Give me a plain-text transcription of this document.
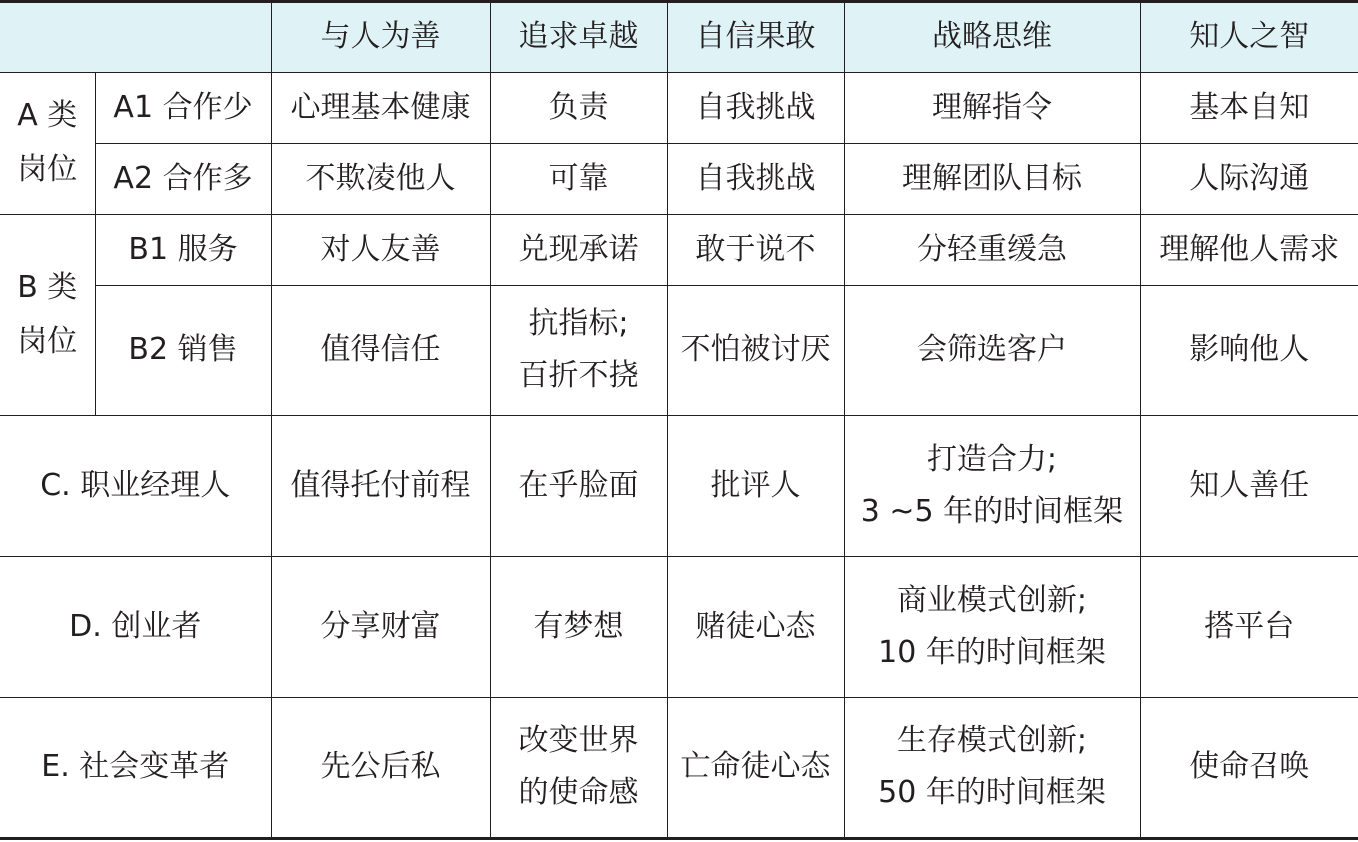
		与人为善	追求卓越	自信果敢	战略思维	知人之智

A 类
岗位	A1 合作少	心理基本健康	负责	自我挑战	理解指令	基本自知
	A2 合作多	不欺凌他人	可靠	自我挑战	理解团队目标	人际沟通

B 类
岗位	B1 服务	对人友善	兑现承诺	敢于说不	分轻重缓急	理解他人需求
	B2 销售	值得信任	抗指标;
百折不挠	不怕被讨厌	会筛选客户	影响他人
C. 职业经理人		值得托付前程	在乎脸面	批评人	打造合力;
3 ~5 年的时间框架	知人善任
D. 创业者		分享财富	有梦想	赌徒心态	商业模式创新;
10 年的时间框架	搭平台
E. 社会变革者		先公后私	改变世界
的使命感	亡命徒心态	生存模式创新;
50 年的时间框架	使命召唤
